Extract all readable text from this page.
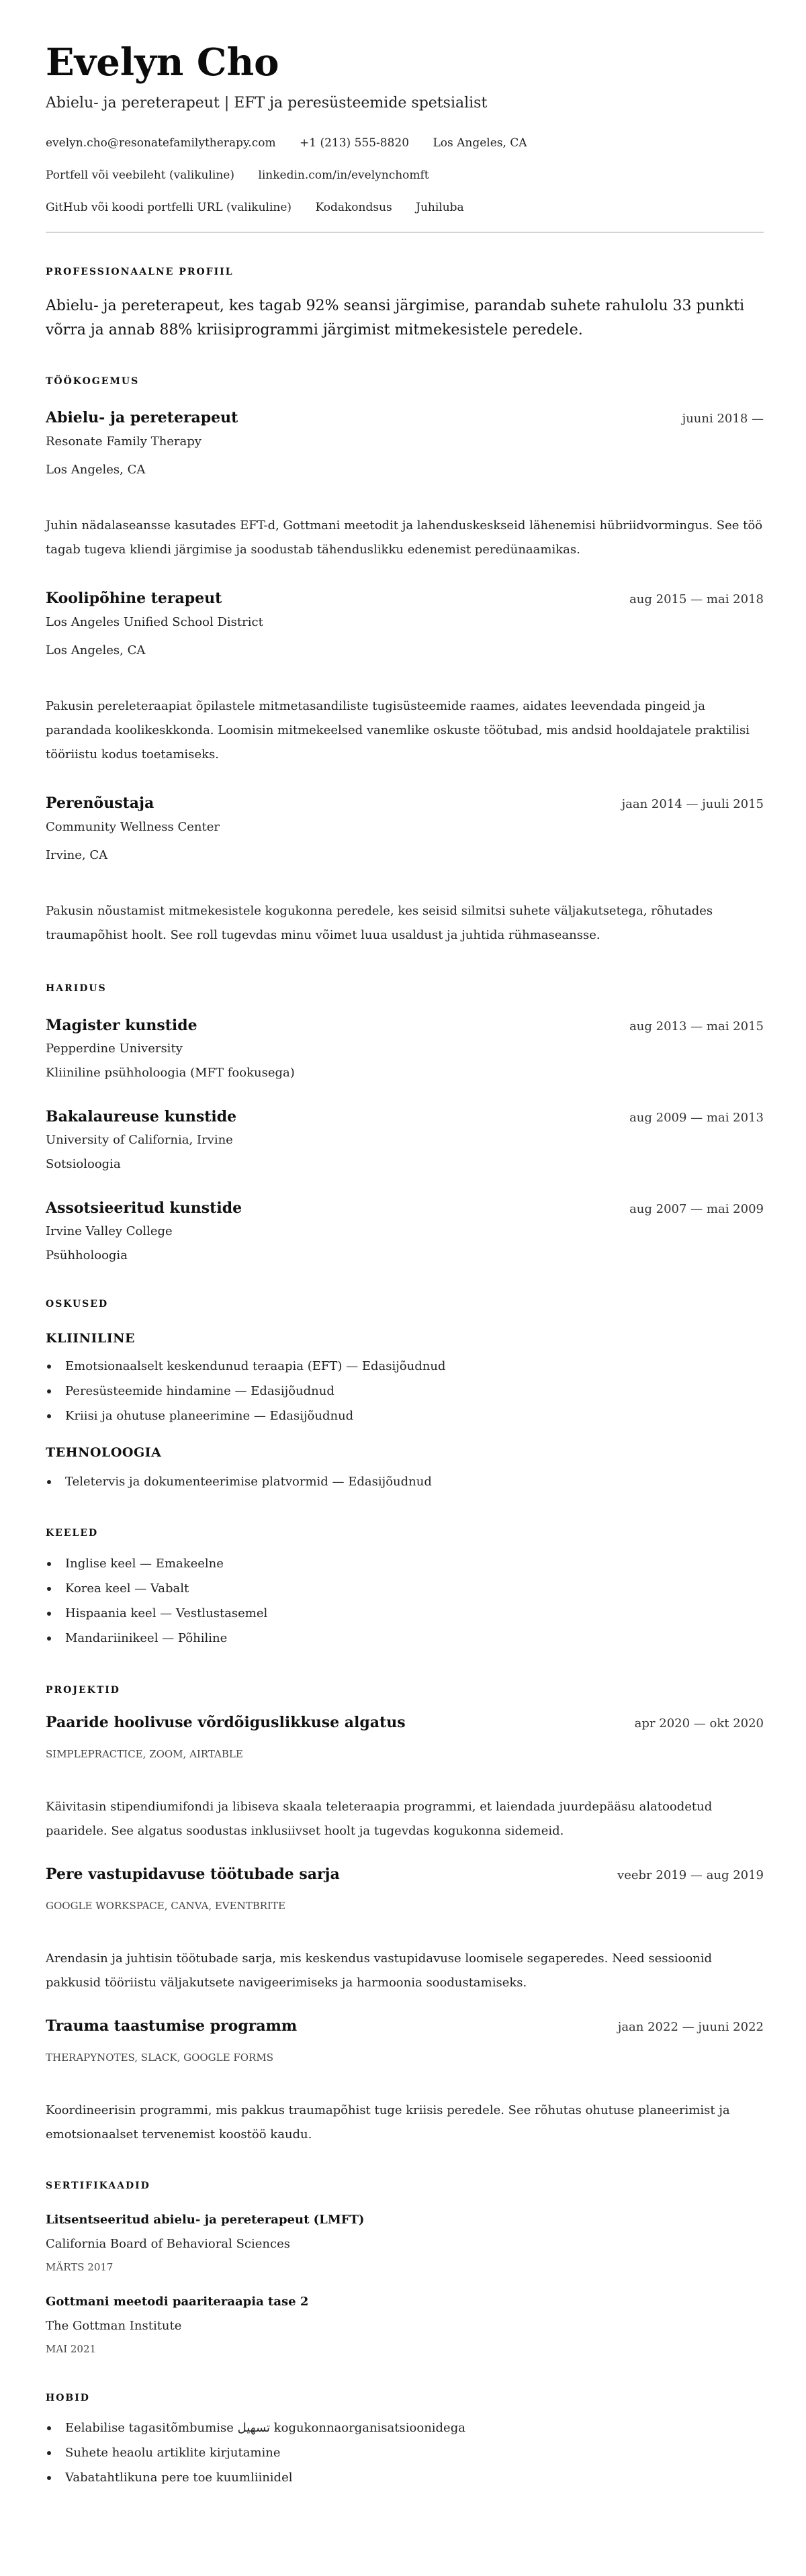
Evelyn Cho
Abielu- ja pereterapeut | EFT ja peresüsteemide spetsialist
evelyn.cho@resonatefamilytherapy.com +1 (213) 555-8820 Los Angeles, CA
Portfell või veebileht (valikuline) linkedin.com/in/evelynchomft
GitHub või koodi portfelli URL (valikuline) Kodakondsus Juhiluba
PROFESSIONAALNE PROFIIL
Abielu- ja pereterapeut, kes tagab 92% seansi järgimise, parandab suhete rahulolu 33 punkti võrra ja annab 88% kriisiprogrammi järgimist mitmekesistele peredele.
TÖÖKOGEMUS
Abielu- ja pereterapeut	juuni 2018 —
Resonate Family Therapy
Los Angeles, CA
Juhin nädalaseansse kasutades EFT-d, Gottmani meetodit ja lahenduskeskseid lähenemisi hübriidvormingus. See töö tagab tugeva kliendi järgimise ja soodustab tähenduslikku edenemist peredünaamikas.
Koolipõhine terapeut	aug 2015 — mai 2018
Los Angeles Unified School District
Los Angeles, CA
Pakusin pereleteraapiat õpilastele mitmetasandiliste tugisüsteemide raames, aidates leevendada pingeid ja parandada koolikeskkonda. Loomisin mitmekeelsed vanemlike oskuste töötubad, mis andsid hooldajatele praktilisi tööriistu kodus toetamiseks.
Perenõustaja	jaan 2014 — juuli 2015
Community Wellness Center
Irvine, CA
Pakusin nõustamist mitmekesistele kogukonna peredele, kes seisid silmitsi suhete väljakutsetega, rõhutades traumapõhist hoolt. See roll tugevdas minu võimet luua usaldust ja juhtida rühmaseansse.
HARIDUS
Magister kunstide	aug 2013 — mai 2015
Pepperdine University
Kliiniline psühholoogia (MFT fookusega)
Bakalaureuse kunstide	aug 2009 — mai 2013
University of California, Irvine
Sotsioloogia
Assotsieeritud kunstide	aug 2007 — mai 2009
Irvine Valley College
Psühholoogia
OSKUSED
KLIINILINE
Emotsionaalselt keskendunud teraapia (EFT) — Edasijõudnud
Peresüsteemide hindamine — Edasijõudnud
Kriisi ja ohutuse planeerimine — Edasijõudnud
TEHNOLOOGIA
Teletervis ja dokumenteerimise platvormid — Edasijõudnud
KEELED
Inglise keel — Emakeelne
Korea keel — Vabalt
Hispaania keel — Vestlustasemel
Mandariinikeel — Põhiline
PROJEKTID
Paaride hoolivuse võrdõiguslikkuse algatus	apr 2020 — okt 2020
SIMPLEPRACTICE, ZOOM, AIRTABLE
Käivitasin stipendiumifondi ja libiseva skaala teleteraapia programmi, et laiendada juurdepääsu alatoodetud paaridele. See algatus soodustas inklusiivset hoolt ja tugevdas kogukonna sidemeid.
Pere vastupidavuse töötubade sarja	veebr 2019 — aug 2019
GOOGLE WORKSPACE, CANVA, EVENTBRITE
Arendasin ja juhtisin töötubade sarja, mis keskendus vastupidavuse loomisele segaperedes. Need sessioonid pakkusid tööriistu väljakutsete navigeerimiseks ja harmoonia soodustamiseks.
Trauma taastumise programm	jaan 2022 — juuni 2022
THERAPYNOTES, SLACK, GOOGLE FORMS
Koordineerisin programmi, mis pakkus traumapõhist tuge kriisis peredele. See rõhutas ohutuse planeerimist ja emotsionaalset tervenemist koostöö kaudu.
SERTIFIKAADID
Litsentseeritud abielu- ja pereterapeut (LMFT)
California Board of Behavioral Sciences
MÄRTS 2017
Gottmani meetodi paariteraapia tase 2
The Gottman Institute
MAI 2021
HOBID
Eelabilise tagasitõmbumise تسهيل kogukonnaorganisatsioonidega
Suhete heaolu artiklite kirjutamine
Vabatahtlikuna pere toe kuumliinidel
